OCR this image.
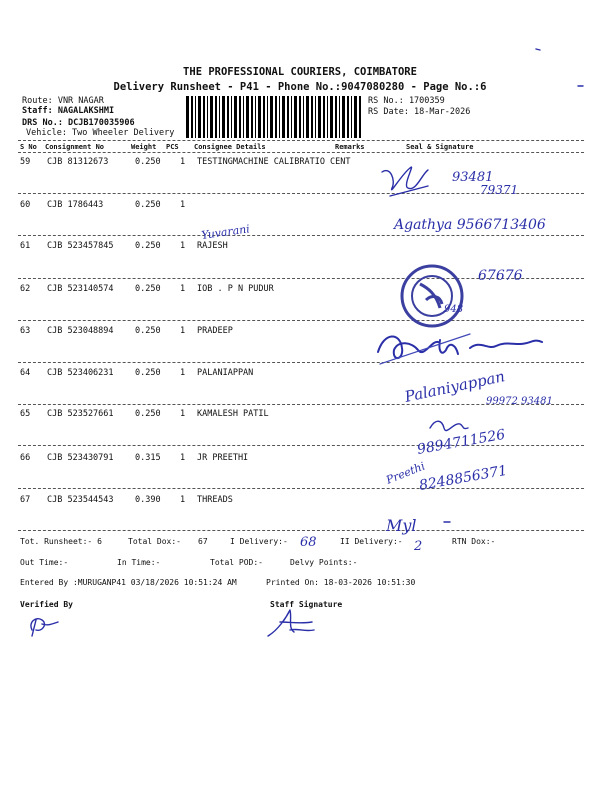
THE PROFESSIONAL COURIERS, COIMBATORE
Delivery Runsheet - P41 - Phone No.:9047080280 - Page No.:6
Route: VNR NAGAR
Staff: NAGALAKSHMI
DRS No.: DCJB170035906
Vehicle: Two Wheeler Delivery
RS No.: 1700359
RS Date: 18-Mar-2026
S No Consignment No	Weight PCS Consignee Details	Remarks	Seal & Signature
59 CJB 81312673	0.250 1 TESTINGMACHINE CALIBRATIO CENT
60 CJB 1786443	0.250 1
61 CJB 523457845	0.250 1 RAJESH
62 CJB 523140574	0.250 1 IOB . P N PUDUR
63 CJB 523048894	0.250 1 PRADEEP
64 CJB 523406231	0.250 1 PALANIAPPAN
65 CJB 523527661	0.250 1 KAMALESH PATIL
66 CJB 523430791	0.315 1 JR PREETHI
67 CJB 523544543	0.390 1 THREADS
Tot. Runsheet:- 6	Total Dox:- 67	I Delivery:-	II Delivery:-	RTN Dox:-
Out Time:-	In Time:-	Total POD:-	Delvy Points:-
Entered By :MURUGANP41 03/18/2026 10:51:24 AM	Printed On: 18-03-2026 10:51:30
Verified By	Staff Signature
93481
79371
Agathya 9566713406
Yuvarani
67676
948
Palaniyappan
99972 93481
9894711526
Preethi
8248856371
Myl
68	2
